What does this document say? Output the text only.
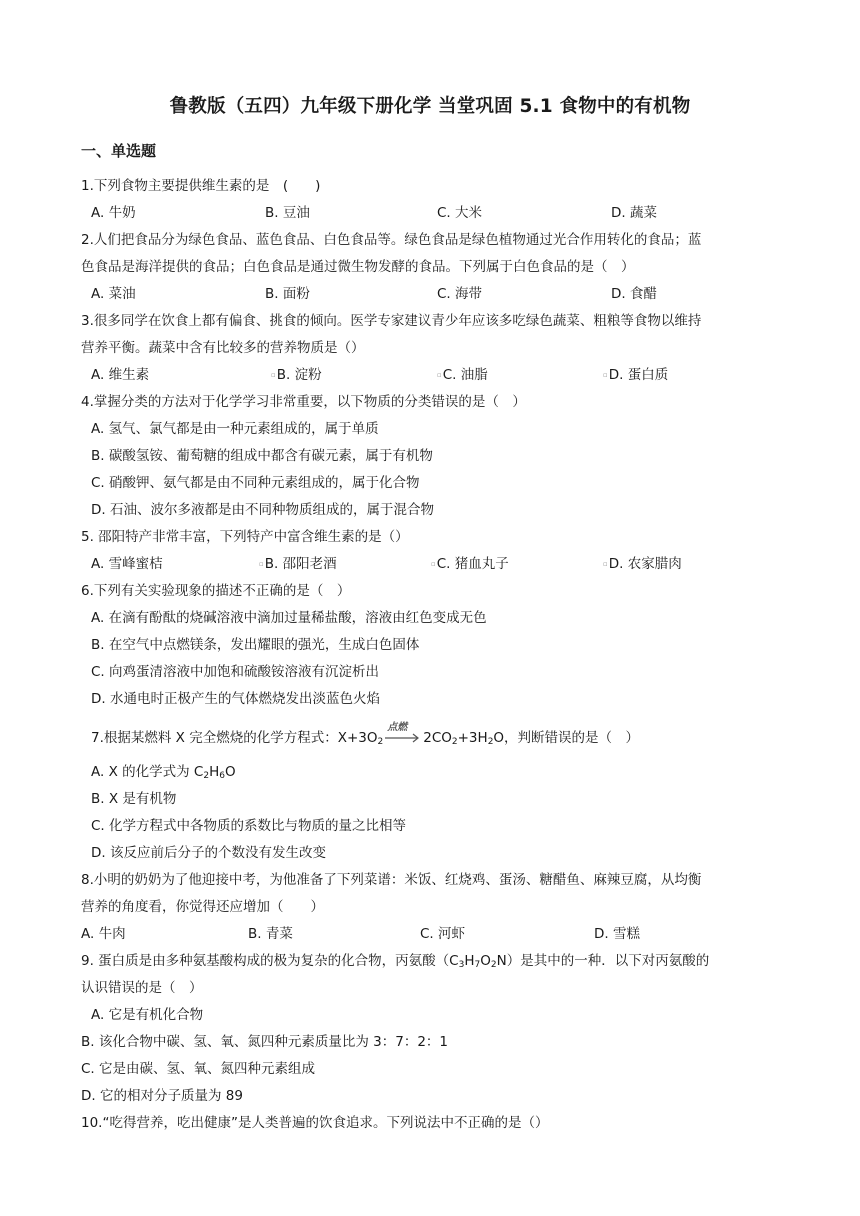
鲁教版（五四）九年级下册化学 当堂巩固 5.1 食物中的有机物
一、单选题
1.下列食物主要提供维生素的是　(　　)
A. 牛奶	B. 豆油	C. 大米	D. 蔬菜
2.人们把食品分为绿色食品、蓝色食品、白色食品等。绿色食品是绿色植物通过光合作用转化的食品；蓝
色食品是海洋提供的食品；白色食品是通过微生物发酵的食品。下列属于白色食品的是（　）
A. 菜油	B. 面粉	C. 海带	D. 食醋
3.很多同学在饮食上都有偏食、挑食的倾向。医学专家建议青少年应该多吃绿色蔬菜、粗粮等食物以维持
营养平衡。蔬菜中含有比较多的营养物质是（）
A. 维生素	▫B. 淀粉	▫C. 油脂	▫D. 蛋白质
4.掌握分类的方法对于化学学习非常重要，以下物质的分类错误的是（　）
A. 氢气、氯气都是由一种元素组成的，属于单质
B. 碳酸氢铵、葡萄糖的组成中都含有碳元素，属于有机物
C. 硝酸钾、氨气都是由不同种元素组成的，属于化合物
D. 石油、波尔多液都是由不同种物质组成的，属于混合物
5. 邵阳特产非常丰富，下列特产中富含维生素的是（）
A. 雪峰蜜桔	▫B. 邵阳老酒	▫C. 猪血丸子	▫D. 农家腊肉
6.下列有关实验现象的描述不正确的是（　）
A. 在滴有酚酞的烧碱溶液中滴加过量稀盐酸，溶液由红色变成无色
B. 在空气中点燃镁条，发出耀眼的强光，生成白色固体
C. 向鸡蛋清溶液中加饱和硫酸铵溶液有沉淀析出
D. 水通电时正极产生的气体燃烧发出淡蓝色火焰
7.根据某燃料 X 完全燃烧的化学方程式：$X+3O_2$
点燃
$2CO_2+3H_2O$，判断错误的是（　）
A. X 的化学式为 $C_2H_6O$
B. X 是有机物
C. 化学方程式中各物质的系数比与物质的量之比相等
D. 该反应前后分子的个数没有发生改变
8.小明的奶奶为了他迎接中考，为他准备了下列菜谱：米饭、红烧鸡、蛋汤、糖醋鱼、麻辣豆腐，从均衡
营养的角度看，你觉得还应增加（　　）
A. 牛肉	B. 青菜	C. 河虾	D. 雪糕
9. 蛋白质是由多种氨基酸构成的极为复杂的化合物，丙氨酸$(C_3H_7O_2N)$是其中的一种．以下对丙氨酸的
认识错误的是（　）
A. 它是有机化合物
B. 该化合物中碳、氢、氧、氮四种元素质量比为 3：7：2：1
C. 它是由碳、氢、氧、氮四种元素组成
D. 它的相对分子质量为 89
10.“吃得营养，吃出健康”是人类普遍的饮食追求。下列说法中不正确的是（）
